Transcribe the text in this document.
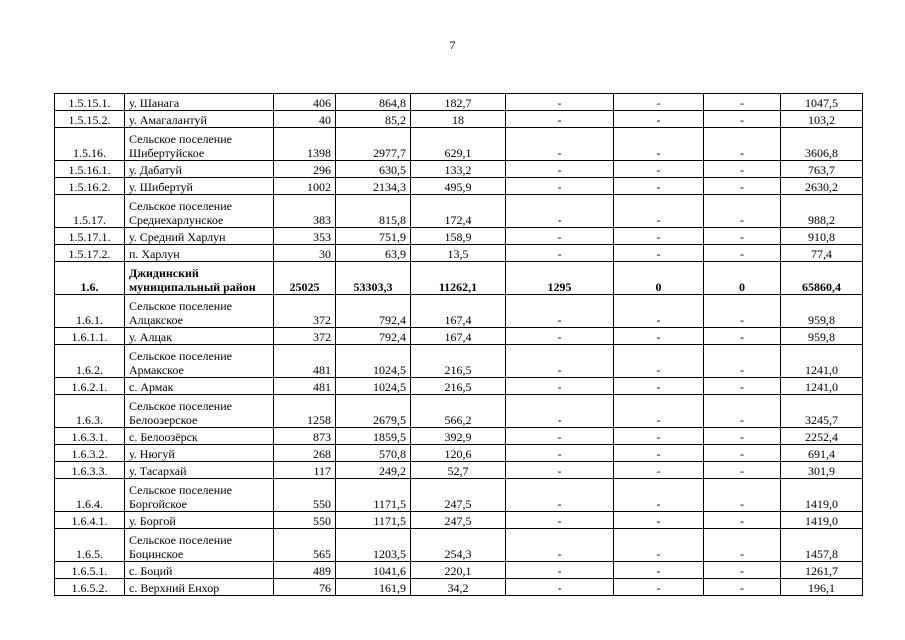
7
1.5.15.1.	у. Шанага	406	864,8	182,7	-	-	-	1047,5
1.5.15.2.	у. Амагалантуй	40	85,2	18	-	-	-	103,2
1.5.16.	Сельское поселение Шибертуйское	1398	2977,7	629,1	-	-	-	3606,8
1.5.16.1.	у. Дабатуй	296	630,5	133,2	-	-	-	763,7
1.5.16.2.	у. Шибертуй	1002	2134,3	495,9	-	-	-	2630,2
1.5.17.	Сельское поселение Среднехарлунское	383	815,8	172,4	-	-	-	988,2
1.5.17.1.	у. Средний Харлун	353	751,9	158,9	-	-	-	910,8
1.5.17.2.	п. Харлун	30	63,9	13,5	-	-	-	77,4
1.6.	Джидинский муниципальный район	25025	53303,3	11262,1	1295	0	0	65860,4
1.6.1.	Сельское поселение Алцакское	372	792,4	167,4	-	-	-	959,8
1.6.1.1.	у. Алцак	372	792,4	167,4	-	-	-	959,8
1.6.2.	Сельское поселение Армакское	481	1024,5	216,5	-	-	-	1241,0
1.6.2.1.	с. Армак	481	1024,5	216,5	-	-	-	1241,0
1.6.3.	Сельское поселение Белоозерское	1258	2679,5	566,2	-	-	-	3245,7
1.6.3.1.	с. Белоозёрск	873	1859,5	392,9	-	-	-	2252,4
1.6.3.2.	у. Нюгуй	268	570,8	120,6	-	-	-	691,4
1.6.3.3.	у. Тасархай	117	249,2	52,7	-	-	-	301,9
1.6.4.	Сельское поселение Боргойское	550	1171,5	247,5	-	-	-	1419,0
1.6.4.1.	у. Боргой	550	1171,5	247,5	-	-	-	1419,0
1.6.5.	Сельское поселение Боцинское	565	1203,5	254,3	-	-	-	1457,8
1.6.5.1.	с. Боций	489	1041,6	220,1	-	-	-	1261,7
1.6.5.2.	с. Верхний Енхор	76	161,9	34,2	-	-	-	196,1
